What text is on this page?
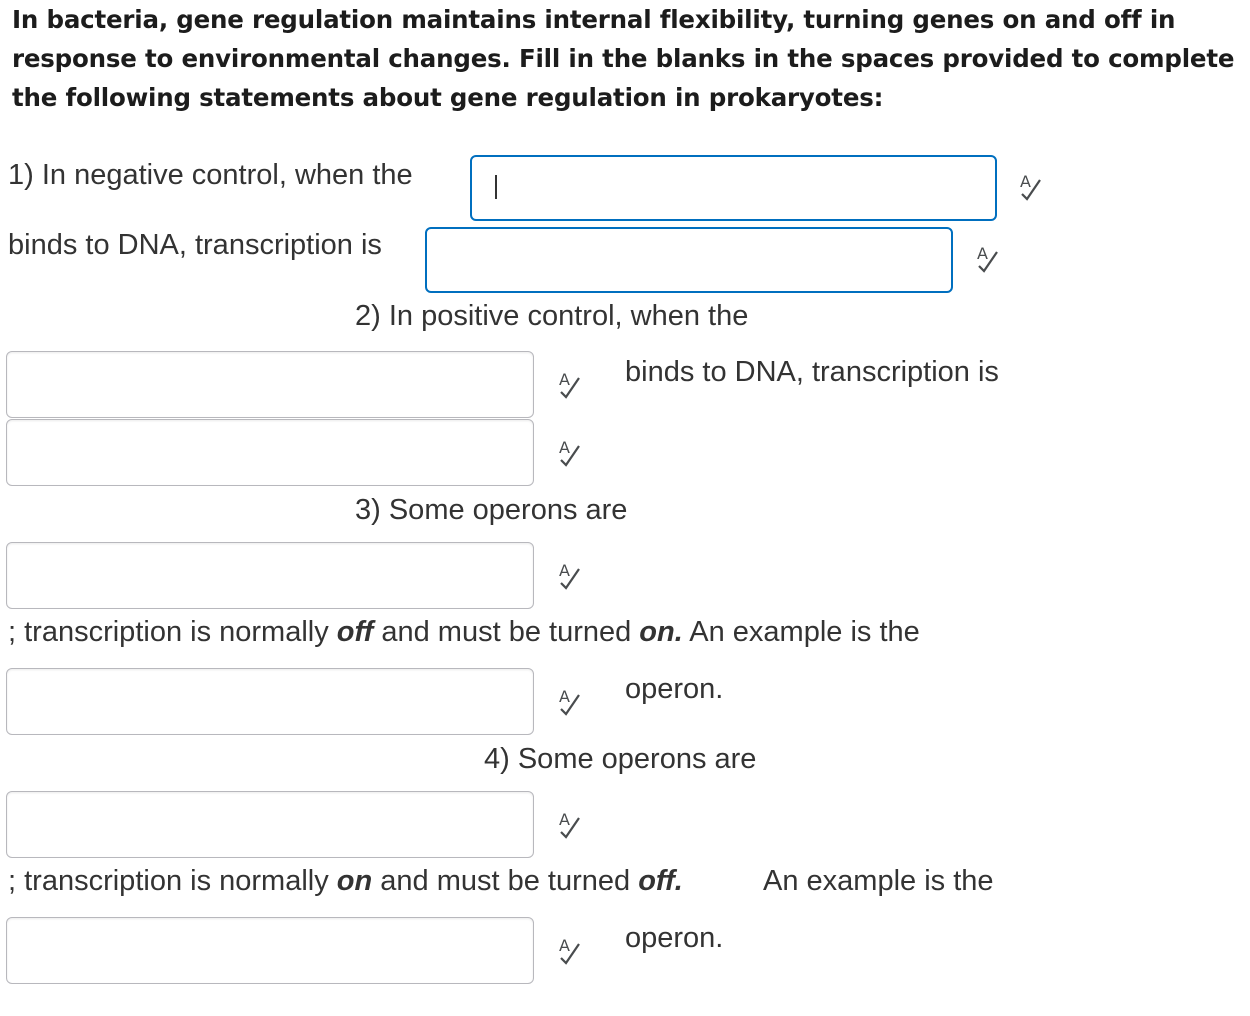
In bacteria, gene regulation maintains internal flexibility, turning genes on and off in response to environmental changes. Fill in the blanks in the spaces provided to complete the following statements about gene regulation in prokaryotes:
1) In negative control, when the	A
binds to DNA, transcription is	A
2) In positive control, when the
A binds to DNA, transcription is
A
3) Some operons are
A
; transcription is normally off and must be turned on. An example is the
A operon.
4) Some operons are
A
; transcription is normally on and must be turned off.	An example is the
A operon.
